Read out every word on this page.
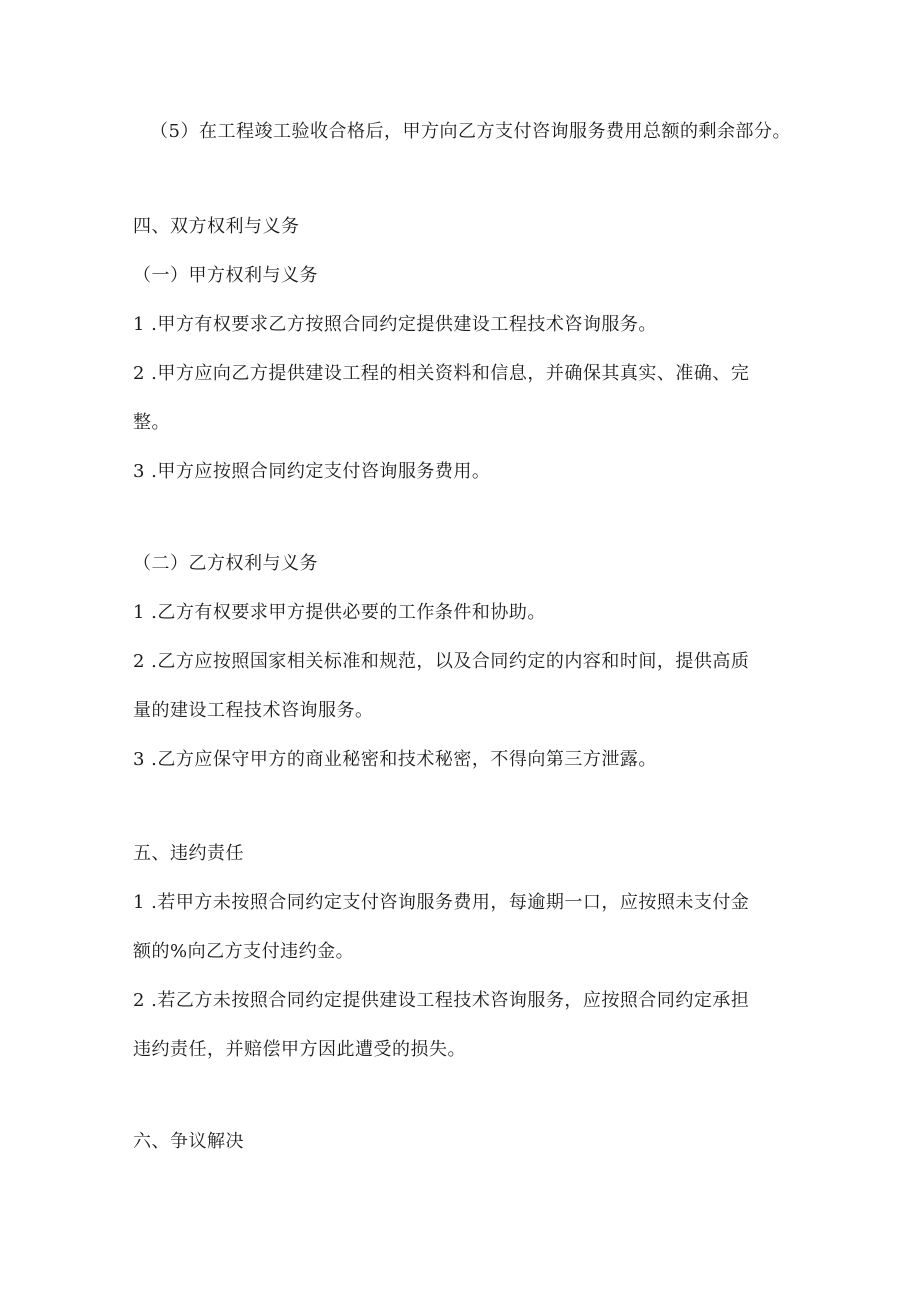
（5）在工程竣工验收合格后，甲方向乙方支付咨询服务费用总额的剩余部分。
四、双方权利与义务
（一）甲方权利与义务
1 .甲方有权要求乙方按照合同约定提供建设工程技术咨询服务。
2 .甲方应向乙方提供建设工程的相关资料和信息，并确保其真实、准确、完
整。
3 .甲方应按照合同约定支付咨询服务费用。
（二）乙方权利与义务
1 .乙方有权要求甲方提供必要的工作条件和协助。
2 .乙方应按照国家相关标准和规范，以及合同约定的内容和时间，提供高质
量的建设工程技术咨询服务。
3 .乙方应保守甲方的商业秘密和技术秘密，不得向第三方泄露。
五、违约责任
1 .若甲方未按照合同约定支付咨询服务费用，每逾期一口，应按照未支付金
额的%向乙方支付违约金。
2 .若乙方未按照合同约定提供建设工程技术咨询服务，应按照合同约定承担
违约责任，并赔偿甲方因此遭受的损失。
六、争议解决
